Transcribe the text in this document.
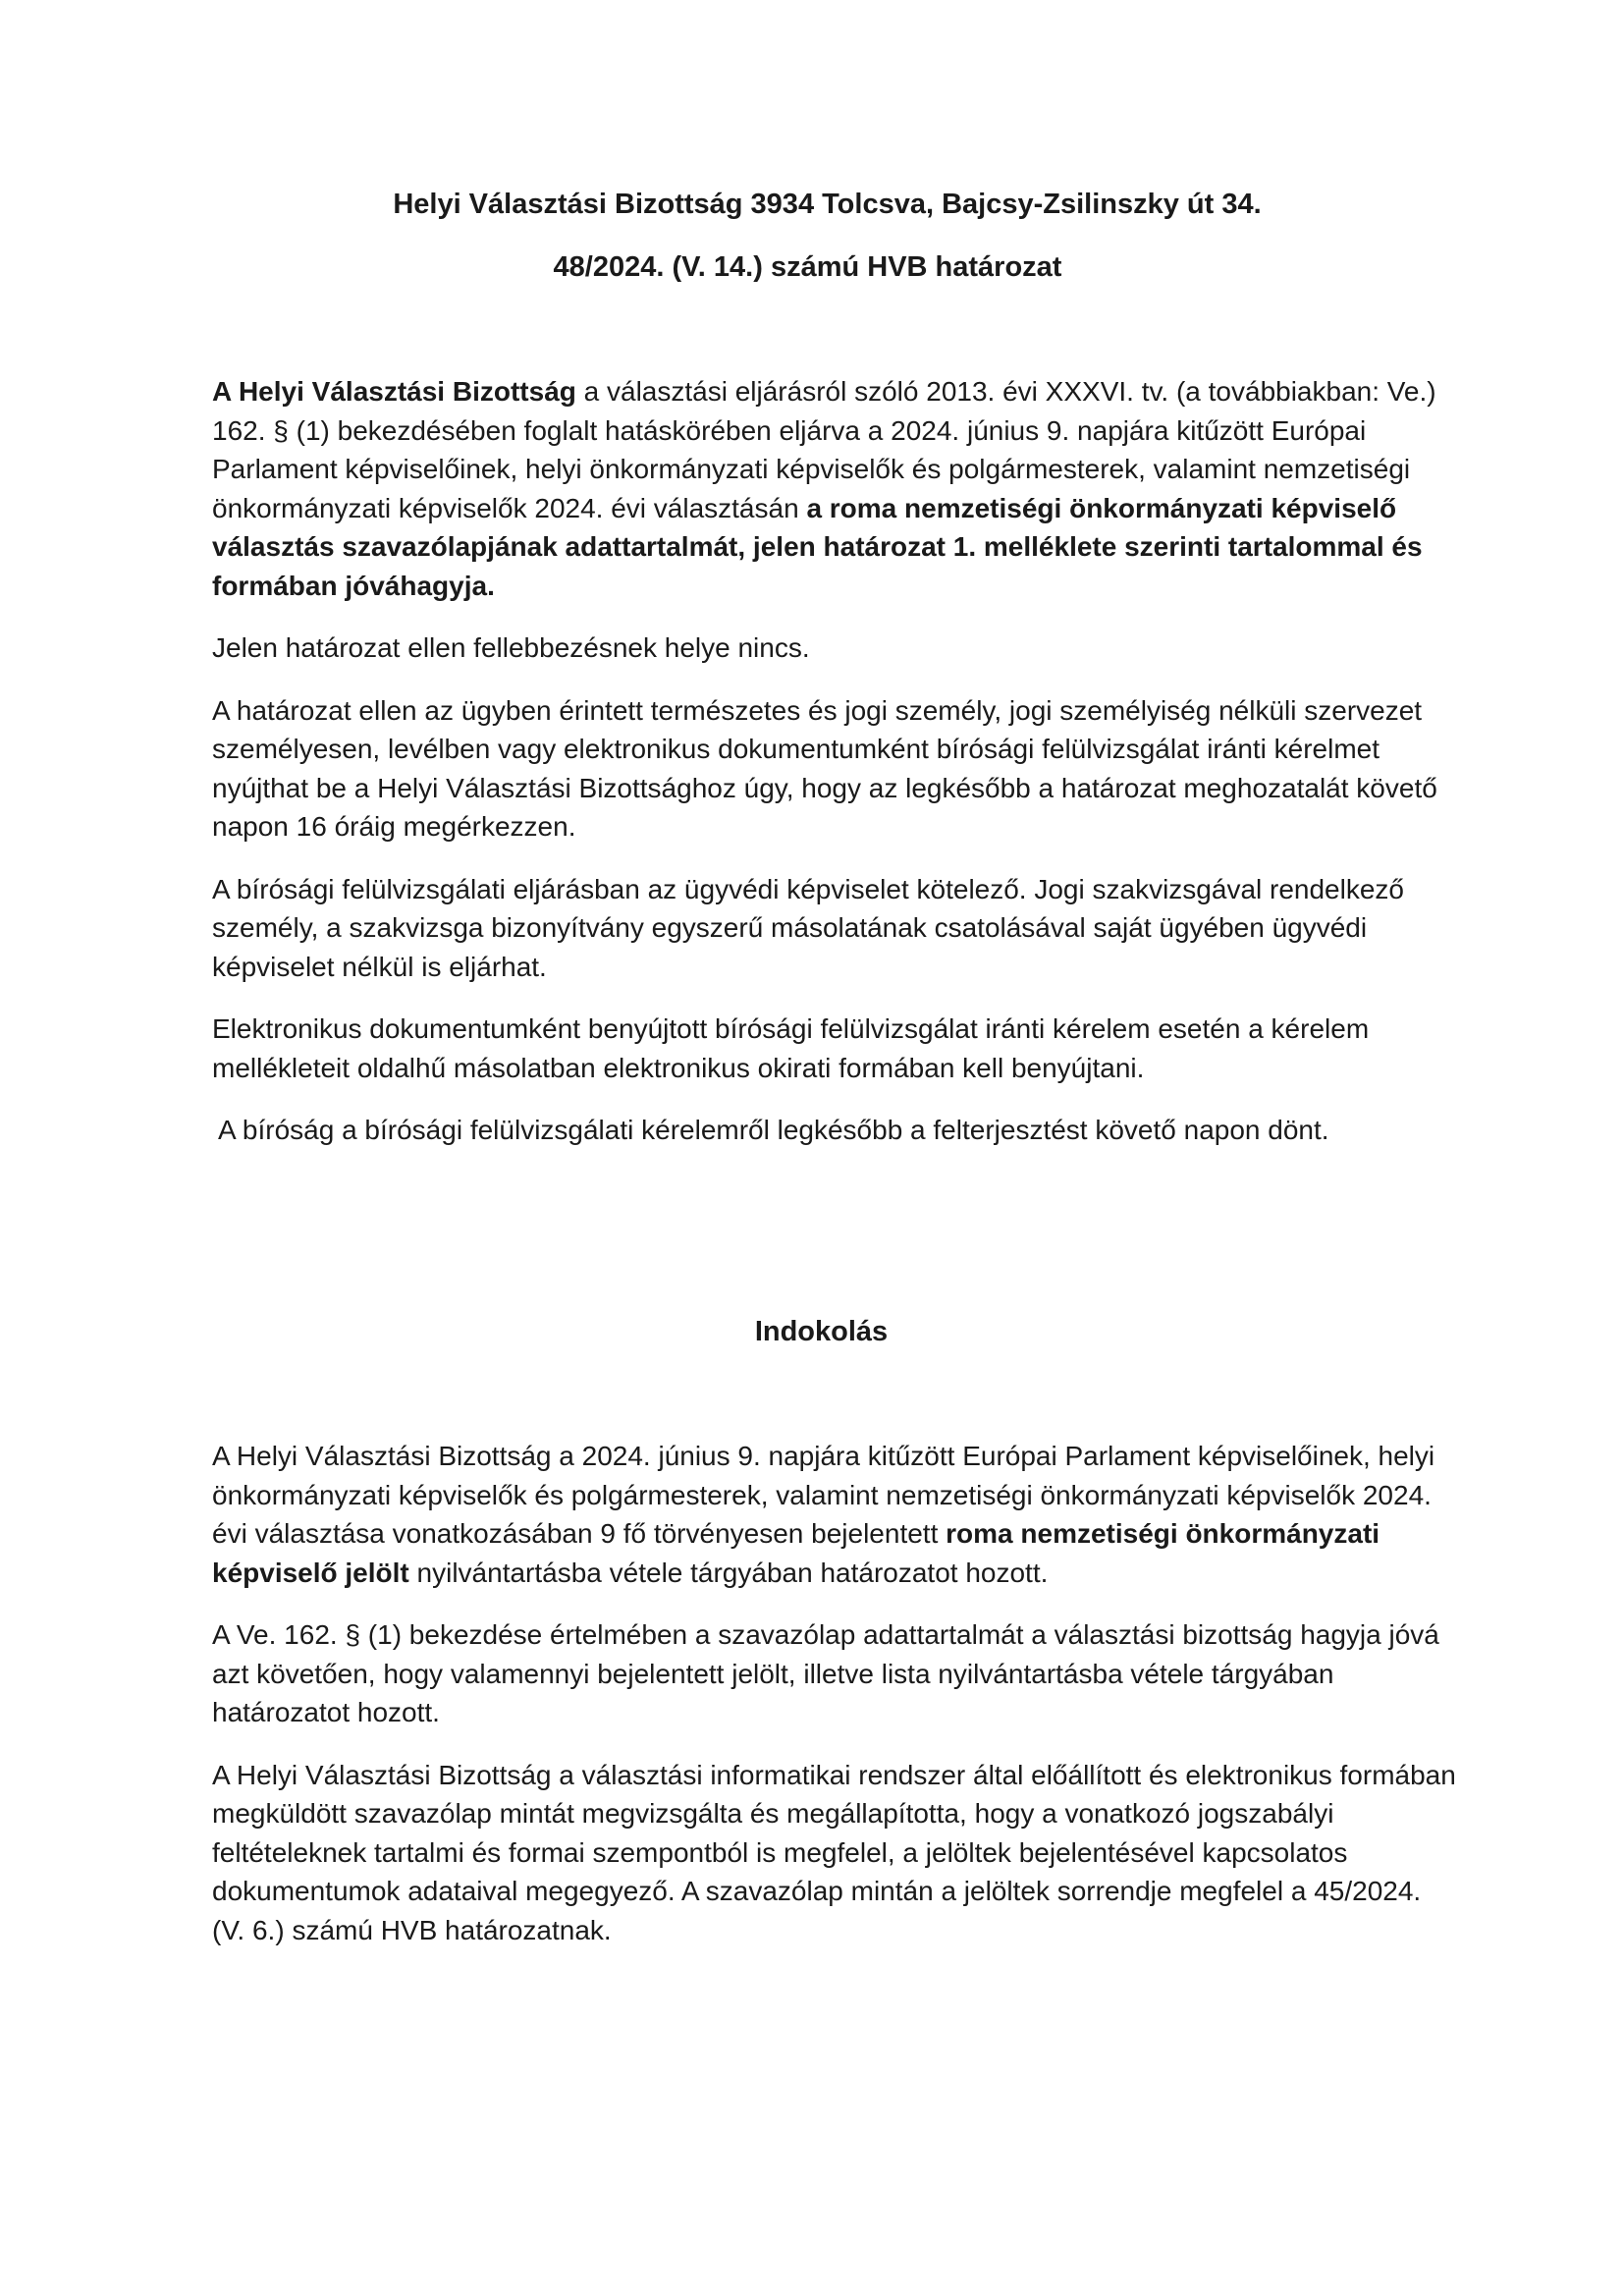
Helyi Választási Bizottság 3934 Tolcsva, Bajcsy-Zsilinszky út 34.
48/2024. (V. 14.) számú HVB határozat

A Helyi Választási Bizottság a választási eljárásról szóló 2013. évi XXXVI. tv. (a továbbiakban: Ve.) 162. § (1) bekezdésében foglalt hatáskörében eljárva a 2024. június 9. napjára kitűzött Európai Parlament képviselőinek, helyi önkormányzati képviselők és polgármesterek, valamint nemzetiségi önkormányzati képviselők 2024. évi választásán a roma nemzetiségi önkormányzati képviselő választás szavazólapjának adattartalmát, jelen határozat 1. melléklete szerinti tartalommal és formában jóváhagyja.

Jelen határozat ellen fellebbezésnek helye nincs.

A határozat ellen az ügyben érintett természetes és jogi személy, jogi személyiség nélküli szervezet személyesen, levélben vagy elektronikus dokumentumként bírósági felülvizsgálat iránti kérelmet nyújthat be a Helyi Választási Bizottsághoz úgy, hogy az legkésőbb a határozat meghozatalát követő napon 16 óráig megérkezzen.

A bírósági felülvizsgálati eljárásban az ügyvédi képviselet kötelező. Jogi szakvizsgával rendelkező személy, a szakvizsga bizonyítvány egyszerű másolatának csatolásával saját ügyében ügyvédi képviselet nélkül is eljárhat.

Elektronikus dokumentumként benyújtott bírósági felülvizsgálat iránti kérelem esetén a kérelem mellékleteit oldalhű másolatban elektronikus okirati formában kell benyújtani.

A bíróság a bírósági felülvizsgálati kérelemről legkésőbb a felterjesztést követő napon dönt.

Indokolás

A Helyi Választási Bizottság a 2024. június 9. napjára kitűzött Európai Parlament képviselőinek, helyi önkormányzati képviselők és polgármesterek, valamint nemzetiségi önkormányzati képviselők 2024. évi választása vonatkozásában 9 fő törvényesen bejelentett roma nemzetiségi önkormányzati képviselő jelölt nyilvántartásba vétele tárgyában határozatot hozott.

A Ve. 162. § (1) bekezdése értelmében a szavazólap adattartalmát a választási bizottság hagyja jóvá azt követően, hogy valamennyi bejelentett jelölt, illetve lista nyilvántartásba vétele tárgyában határozatot hozott.

A Helyi Választási Bizottság a választási informatikai rendszer által előállított és elektronikus formában megküldött szavazólap mintát megvizsgálta és megállapította, hogy a vonatkozó jogszabályi feltételeknek tartalmi és formai szempontból is megfelel, a jelöltek bejelentésével kapcsolatos dokumentumok adataival megegyező. A szavazólap mintán a jelöltek sorrendje megfelel a 45/2024. (V. 6.) számú HVB határozatnak.
